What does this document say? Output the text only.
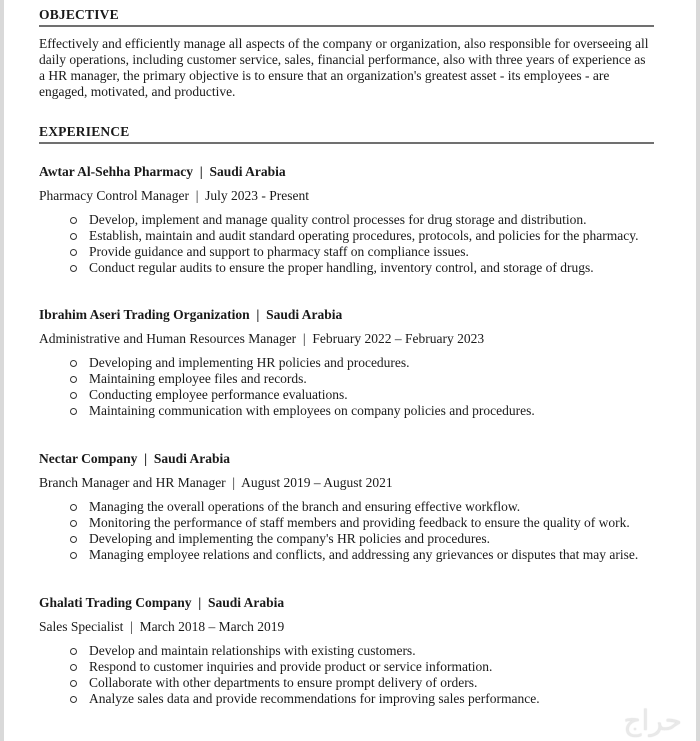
OBJECTIVE
Effectively and efficiently manage all aspects of the company or organization, also responsible for overseeing all daily operations, including customer service, sales, financial performance, also with three years of experience as a HR manager, the primary objective is to ensure that an organization's greatest asset - its employees - are engaged, motivated, and productive.
EXPERIENCE
Awtar Al-Sehha Pharmacy  |  Saudi Arabia
Pharmacy Control Manager  |  July 2023 - Present
Develop, implement and manage quality control processes for drug storage and distribution.
Establish, maintain and audit standard operating procedures, protocols, and policies for the pharmacy.
Provide guidance and support to pharmacy staff on compliance issues.
Conduct regular audits to ensure the proper handling, inventory control, and storage of drugs.
Ibrahim Aseri Trading Organization  |  Saudi Arabia
Administrative and Human Resources Manager  |  February 2022 – February 2023
Developing and implementing HR policies and procedures.
Maintaining employee files and records.
Conducting employee performance evaluations.
Maintaining communication with employees on company policies and procedures.
Nectar Company  |  Saudi Arabia
Branch Manager and HR Manager  |  August 2019 – August 2021
Managing the overall operations of the branch and ensuring effective workflow.
Monitoring the performance of staff members and providing feedback to ensure the quality of work.
Developing and implementing the company's HR policies and procedures.
Managing employee relations and conflicts, and addressing any grievances or disputes that may arise.
Ghalati Trading Company  |  Saudi Arabia
Sales Specialist  |  March 2018 – March 2019
Develop and maintain relationships with existing customers.
Respond to customer inquiries and provide product or service information.
Collaborate with other departments to ensure prompt delivery of orders.
Analyze sales data and provide recommendations for improving sales performance.
حراج
